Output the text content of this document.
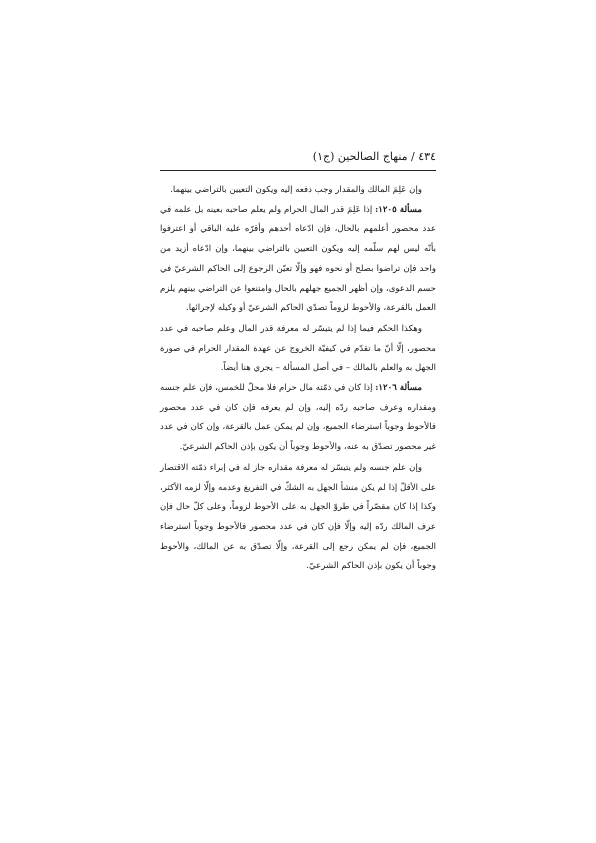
٤٣٤ / منهاج الصالحين (ج١)

وإن عَلِمَ المالك والمقدار وجب دفعه إليه ويكون التعيين بالتراضي بينهما.

مسألة ١٢٠٥: إذا عَلِمَ قدر المال الحرام ولم يعلم صاحبه بعينه بل علمه في عدد محصور أعلمهم بالحال، فإن ادّعاه أحدهم وأقرّه عليه الباقي أو اعترفوا بأنّه ليس لهم سلّمه إليه ويكون التعيين بالتراضي بينهما، وإن ادّعاه أزيد من واحد فإن تراضوا بصلح أو نحوه فهو وإلّا تعيّن الرجوع إلى الحاكم الشرعيّ في حسم الدعوى، وإن أظهر الجميع جهلهم بالحال وامتنعوا عن التراضي بينهم يلزم العمل بالقرعة، والأحوط لزوماً تصدّي الحاكم الشرعيّ أو وكيله لإجرائها.

وهكذا الحكم فيما إذا لم يتيسّر له معرفة قدر المال وعلم صاحبه في عدد محصور، إلّا أنّ ما تقدّم في كيفيّة الخروج عن عهدة المقدار الحرام في صورة الجهل به والعلم بالمالك – في أصل المسألة – يجري هنا أيضاً.

مسألة ١٢٠٦: إذا كان في ذمّته مال حرام فلا محلّ للخمس، فإن علم جنسه ومقداره وعرف صاحبه ردّه إليه، وإن لم يعرفه فإن كان في عدد محصور فالأحوط وجوباً استرضاء الجميع، وإن لم يمكن عمل بالقرعة، وإن كان في عدد غير محصور تصدّق به عنه، والأحوط وجوباً أن يكون بإذن الحاكم الشرعيّ.

وإن علم جنسه ولم يتيسّر له معرفة مقداره جاز له في إبراء ذمّته الاقتصار على الأقلّ إذا لم يكن منشأ الجهل به الشكّ في التفريغ وعدمه وإلّا لزمه الأكثر، وكذا إذا كان مقصّراً في طروّ الجهل به على الأحوط لزوماً، وعلى كلّ حال فإن عرف المالك ردّه إليه وإلّا فإن كان في عدد محصور فالأحوط وجوباً استرضاء الجميع، فإن لم يمكن رجع إلى القرعة، وإلّا تصدّق به عن المالك، والأحوط وجوباً أن يكون بإذن الحاكم الشرعيّ.
